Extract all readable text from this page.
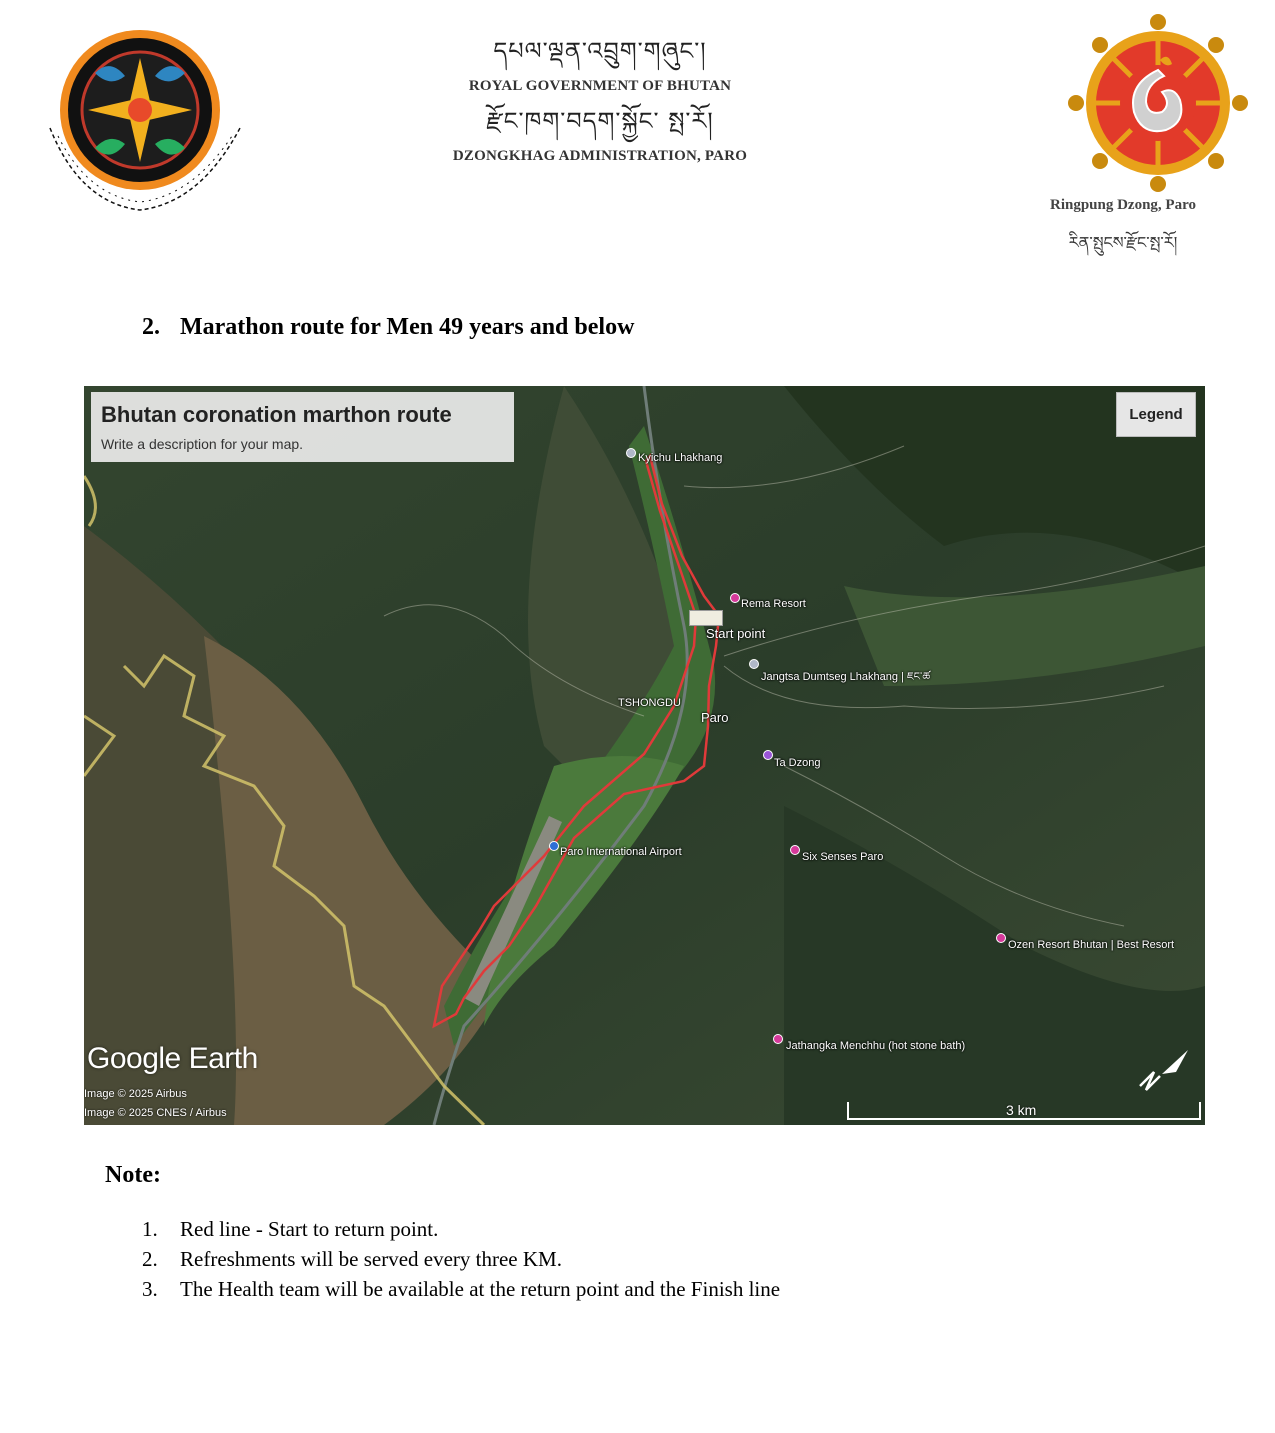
དཔལ་ལྡན་འབྲུག་གཞུང་།
ROYAL GOVERNMENT OF BHUTAN
རྫོང་ཁག་བདག་སྐྱོང་ སྤ་རོ།
DZONGKHAG ADMINISTRATION, PARO
Ringpung Dzong, Paro
རིན་སྤུངས་རྫོང་སྤ་རོ།
2. Marathon route for Men 49 years and below
Bhutan coronation marthon route
Write a description for your map.
Legend
Kyichu Lhakhang
Rema Resort
Start point
Jangtsa Dumtseg Lhakhang | ཇང་ཚ
TSHONGDU
Paro
Ta Dzong
Paro International Airport	Six Senses Paro
Ozen Resort Bhutan | Best Resort
Jathangka Menchhu (hot stone bath)
Google Earth
Image © 2025 Airbus
Image © 2025 CNES / Airbus	3 km
Note:
1. Red line - Start to return point.
2. Refreshments will be served every three KM.
3. The Health team will be available at the return point and the Finish line
